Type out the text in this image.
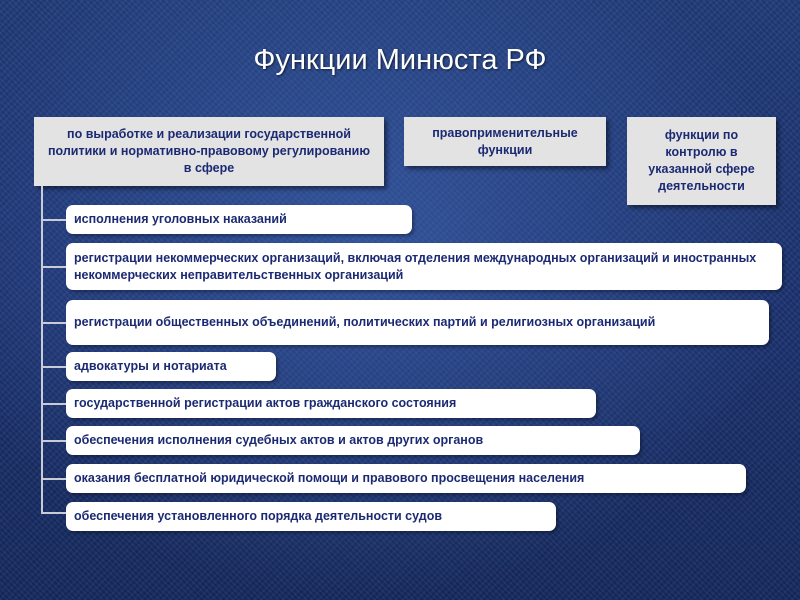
Функции Минюста РФ
по выработке и реализации государственной политики и нормативно-правовому регулированию в сфере
правоприменительные функции
функции по контролю в указанной сфере деятельности
исполнения уголовных наказаний
регистрации некоммерческих организаций, включая отделения международных организаций и иностранных некоммерческих неправительственных организаций
регистрации общественных объединений, политических партий и религиозных организаций
адвокатуры и нотариата
государственной регистрации актов гражданского состояния
обеспечения исполнения судебных актов и актов других органов
оказания бесплатной юридической помощи и правового просвещения населения
обеспечения установленного порядка деятельности судов
